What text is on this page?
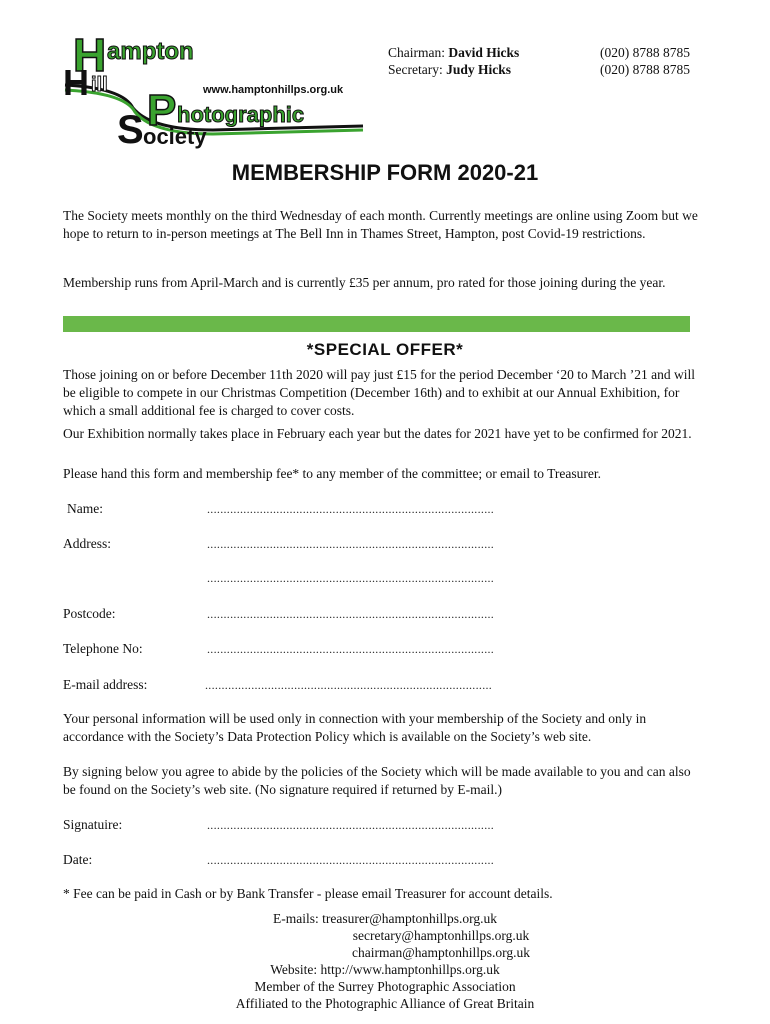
H ampton
H ill	www.hamptonhillps.org.uk
P hotographic
S ociety
Chairman: David Hicks	(020) 8788 8785
Secretary: Judy Hicks	(020) 8788 8785
MEMBERSHIP FORM 2020-21
The Society meets monthly on the third Wednesday of each month. Currently meetings are online using Zoom but we hope to return to in-person meetings at The Bell Inn in Thames Street, Hampton, post Covid-19 restrictions.
Membership runs from April-March and is currently £35 per annum, pro rated for those joining during the year.
*SPECIAL OFFER*
Those joining on or before December 11th 2020 will pay just £15 for the period December ‘20 to March ’21 and will be eligible to compete in our Christmas Competition (December 16th) and to exhibit at our Annual Exhibition, for which a small additional fee is charged to cover costs.
Our Exhibition normally takes place in February each year but the dates for 2021 have yet to be confirmed for 2021.
Please hand this form and membership fee* to any member of the committee; or email to Treasurer.
Name:	.......................................................................................
Address:	.......................................................................................
.......................................................................................
Postcode:	.......................................................................................
Telephone No:	.......................................................................................
E-mail address:	.......................................................................................
Your personal information will be used only in connection with your membership of the Society and only in accordance with the Society’s Data Protection Policy which is available on the Society’s web site.
By signing below you agree to abide by the policies of the Society which will be made available to you and can also be found on the Society’s web site. (No signature required if returned by E-mail.)
Signatuire:	.......................................................................................
Date:	.......................................................................................
* Fee can be paid in Cash or by Bank Transfer - please email Treasurer for account details.
E-mails: treasurer@hamptonhillps.org.uk
secretary@hamptonhillps.org.uk
chairman@hamptonhillps.org.uk
Website: http://www.hamptonhillps.org.uk
Member of the Surrey Photographic Association
Affiliated to the Photographic Alliance of Great Britain
